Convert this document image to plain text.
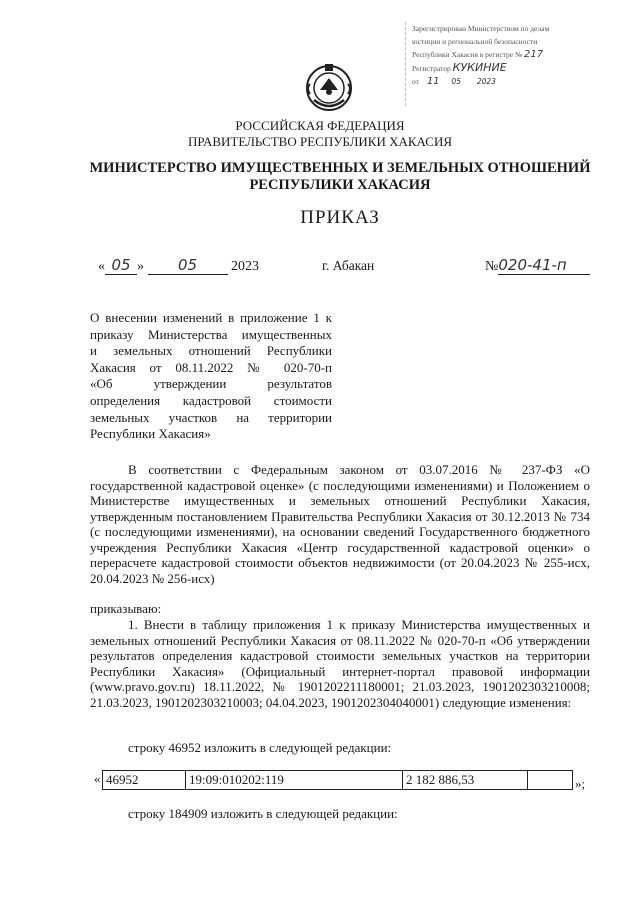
Зарегистрирован Министерством по делам
юстиции и региональной безопасности
Республики Хакасия в регистре № 217
Регистратор КУКИНИЕ
от 11 05 2023
РОССИЙСКАЯ ФЕДЕРАЦИЯ
ПРАВИТЕЛЬСТВО РЕСПУБЛИКИ ХАКАСИЯ
МИНИСТЕРСТВО ИМУЩЕСТВЕННЫХ И ЗЕМЕЛЬНЫХ ОТНОШЕНИЙ
РЕСПУБЛИКИ ХАКАСИЯ
ПРИКАЗ
« 05 » 05 2023	г. Абакан	№020-41-п
О внесении изменений в приложение 1 к
приказу Министерства имущественных
и земельных отношений Республики
Хакасия от 08.11.2022 № 020-70-п
«Об утверждении результатов
определения кадастровой стоимости
земельных участков на территории
Республики Хакасия»
В соответствии с Федеральным законом от 03.07.2016 № 237-ФЗ «О государственной кадастровой оценке» (с последующими изменениями) и Положением о Министерстве имущественных и земельных отношений Республики Хакасия, утвержденным постановлением Правительства Республики Хакасия от 30.12.2013 № 734 (с последующими изменениями), на основании сведений Государственного бюджетного учреждения Республики Хакасия «Центр государственной кадастровой оценки» о перерасчете кадастровой стоимости объектов недвижимости (от 20.04.2023 № 255-исх, 20.04.2023 № 256-исх)
приказываю:
1. Внести в таблицу приложения 1 к приказу Министерства имущественных и земельных отношений Республики Хакасия от 08.11.2022 № 020-70-п «Об утверждении результатов определения кадастровой стоимости земельных участков на территории Республики Хакасия» (Официальный интернет-портал правовой информации (www.pravo.gov.ru) 18.11.2022, № 1901202211180001; 21.03.2023, 1901202303210008; 21.03.2023, 1901202303210003; 04.04.2023, 1901202304040001) следующие изменения:
строку 46952 изложить в следующей редакции:
« 46952	19:09:010202:119	2 182 886,53		»;
строку 184909 изложить в следующей редакции:
